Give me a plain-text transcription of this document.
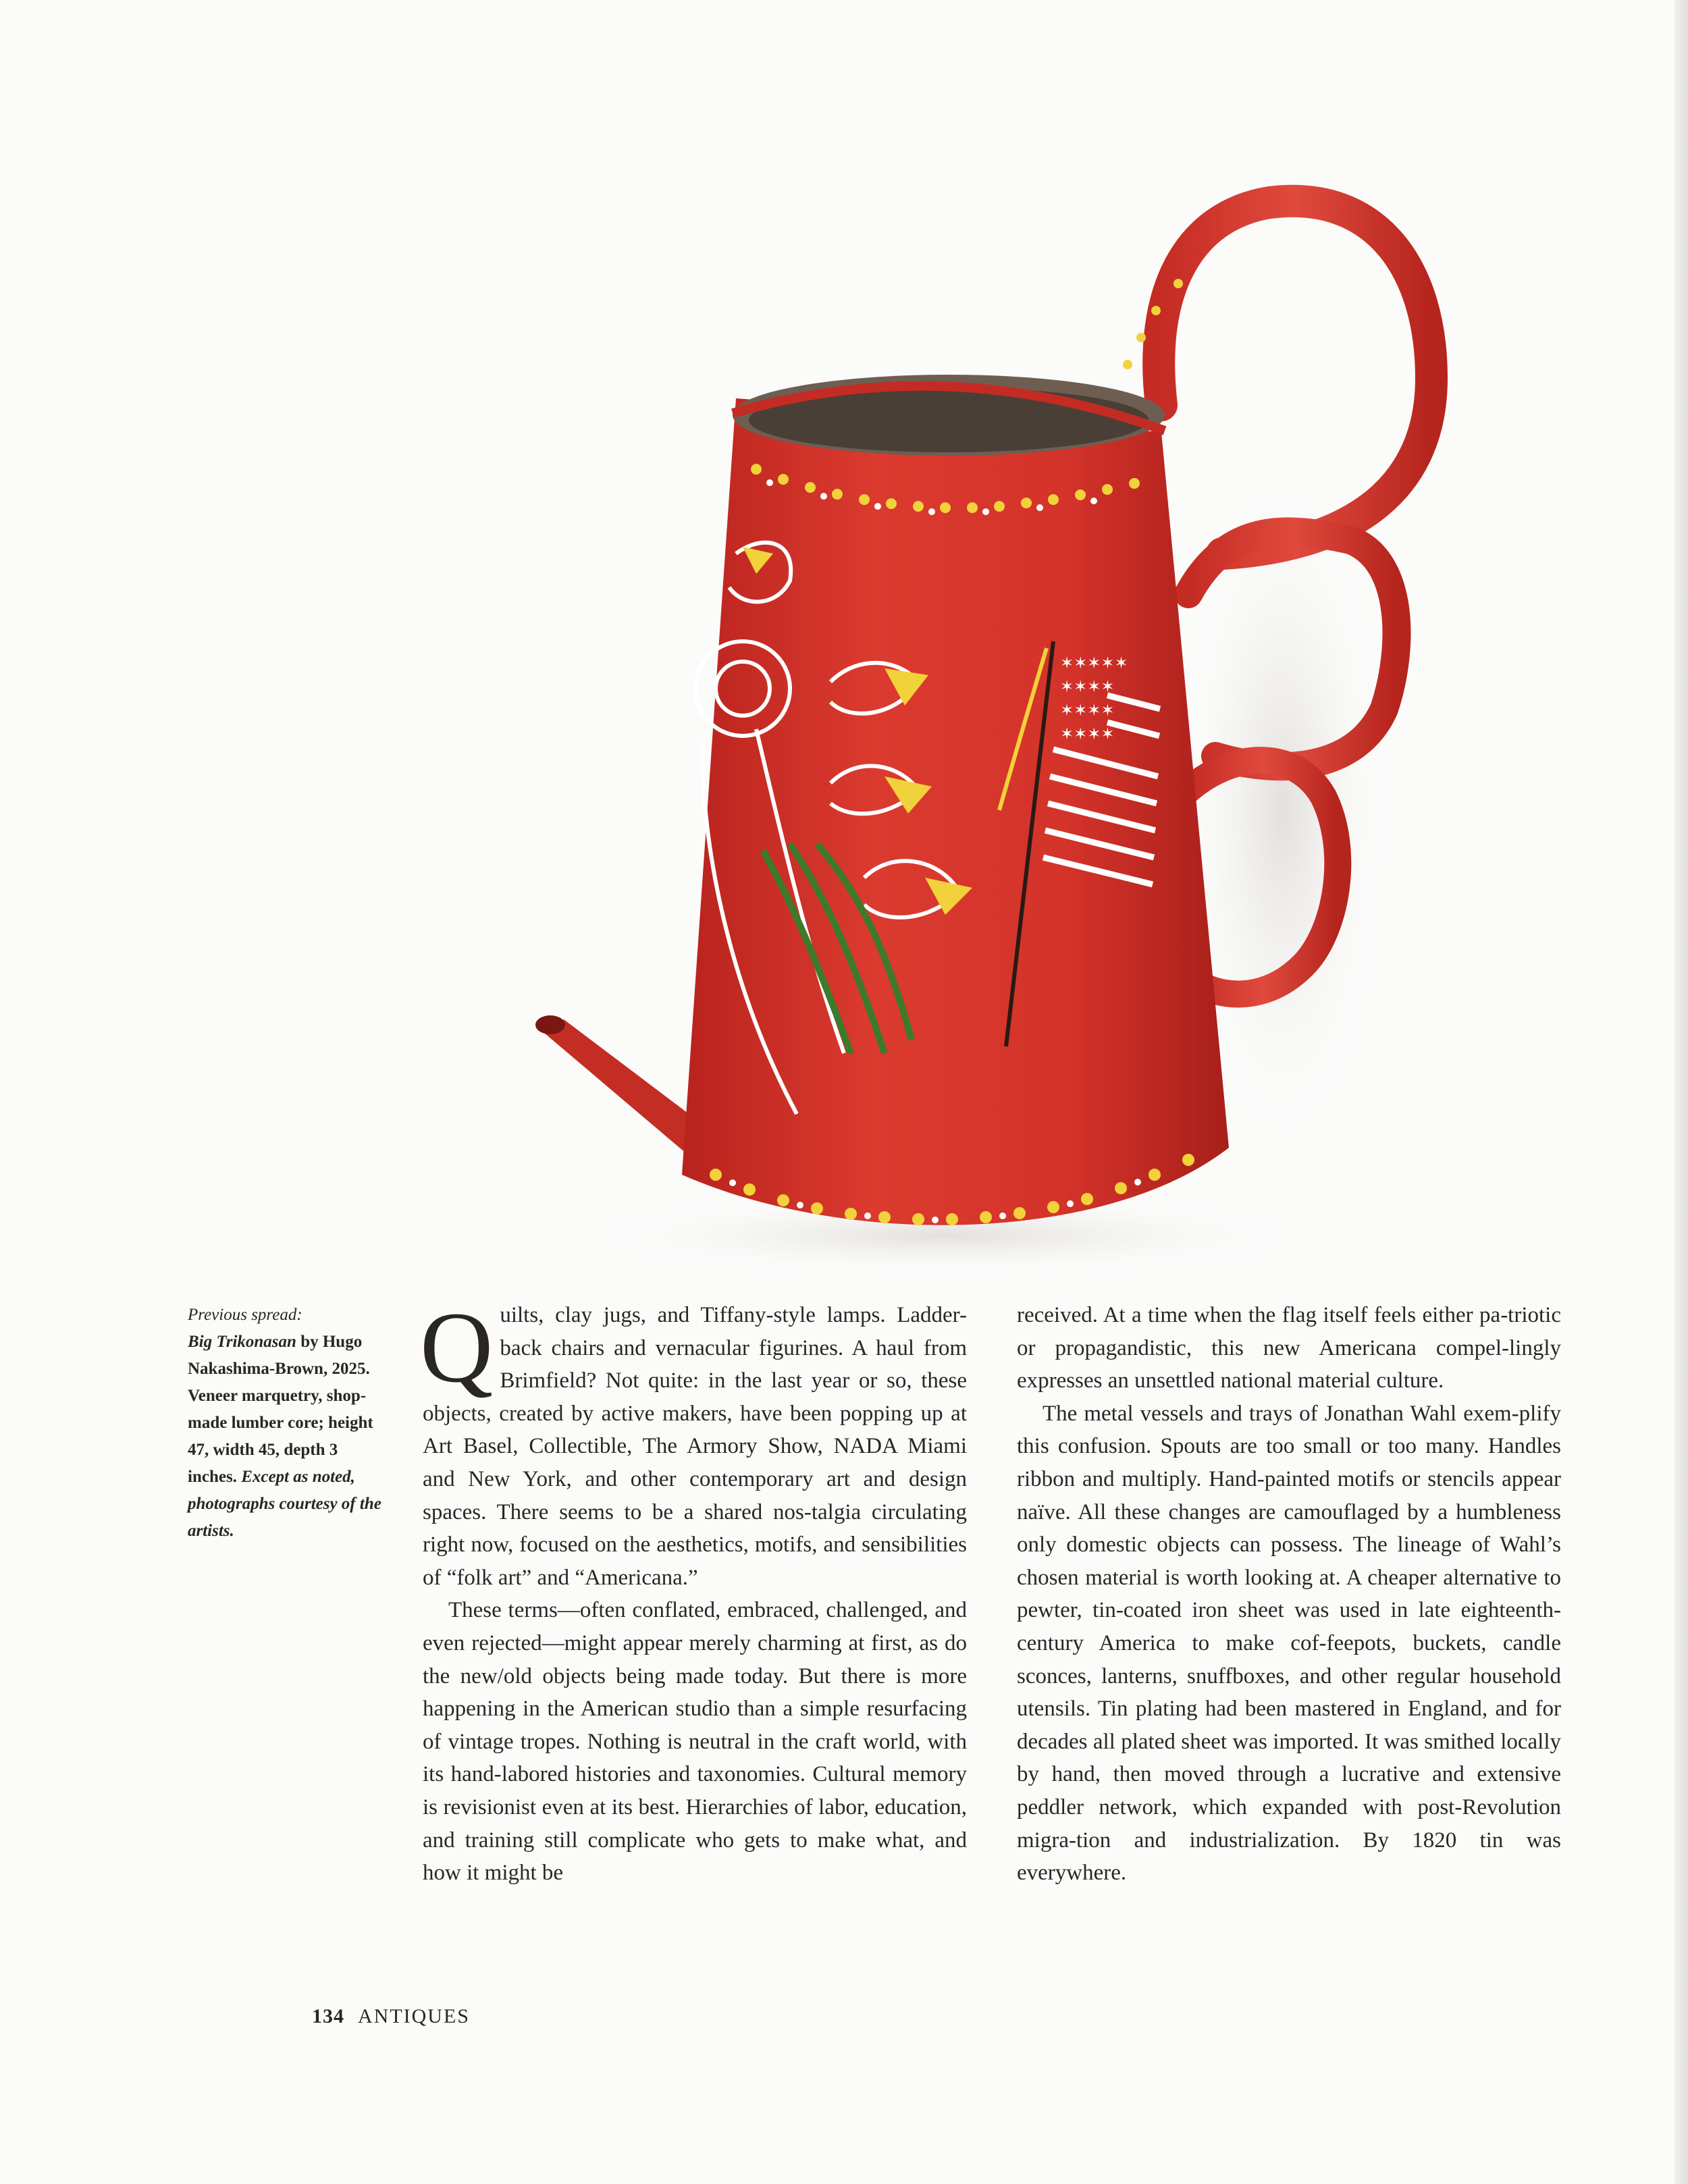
✶✶✶✶✶
✶✶✶✶
✶✶✶✶
✶✶✶✶
Previous spread:
Big Trikonasan by Hugo Nakashima-Brown, 2025. Veneer marquetry, shop-made lumber core; height 47, width 45, depth 3 inches. Except as noted, photographs courtesy of the artists.

Quilts, clay jugs, and Tiffany-style lamps. Ladder-back chairs and vernacular figurines. A haul from Brimfield? Not quite: in the last year or so, these objects, created by active makers, have been popping up at Art Basel, Collectible, The Armory Show, NADA Miami and New York, and other contemporary art and design spaces. There seems to be a shared nos-talgia circulating right now, focused on the aesthetics, motifs, and sensibilities of “folk art” and “Americana.”

These terms—often conflated, embraced, challenged, and even rejected—might appear merely charming at first, as do the new/old objects being made today. But there is more happening in the American studio than a simple resurfacing of vintage tropes. Nothing is neutral in the craft world, with its hand-labored histories and taxonomies. Cultural memory is revisionist even at its best. Hierarchies of labor, education, and training still complicate who gets to make what, and how it might be

received. At a time when the flag itself feels either pa-triotic or propagandistic, this new Americana compel-lingly expresses an unsettled national material culture.

The metal vessels and trays of Jonathan Wahl exem-plify this confusion. Spouts are too small or too many. Handles ribbon and multiply. Hand-painted motifs or stencils appear naïve. All these changes are camouflaged by a humbleness only domestic objects can possess. The lineage of Wahl’s chosen material is worth looking at. A cheaper alternative to pewter, tin-coated iron sheet was used in late eighteenth-century America to make cof-feepots, buckets, candle sconces, lanterns, snuffboxes, and other regular household utensils. Tin plating had been mastered in England, and for decades all plated sheet was imported. It was smithed locally by hand, then moved through a lucrative and extensive peddler network, which expanded with post-Revolution migra-tion and industrialization. By 1820 tin was everywhere.

134 ANTIQUES
